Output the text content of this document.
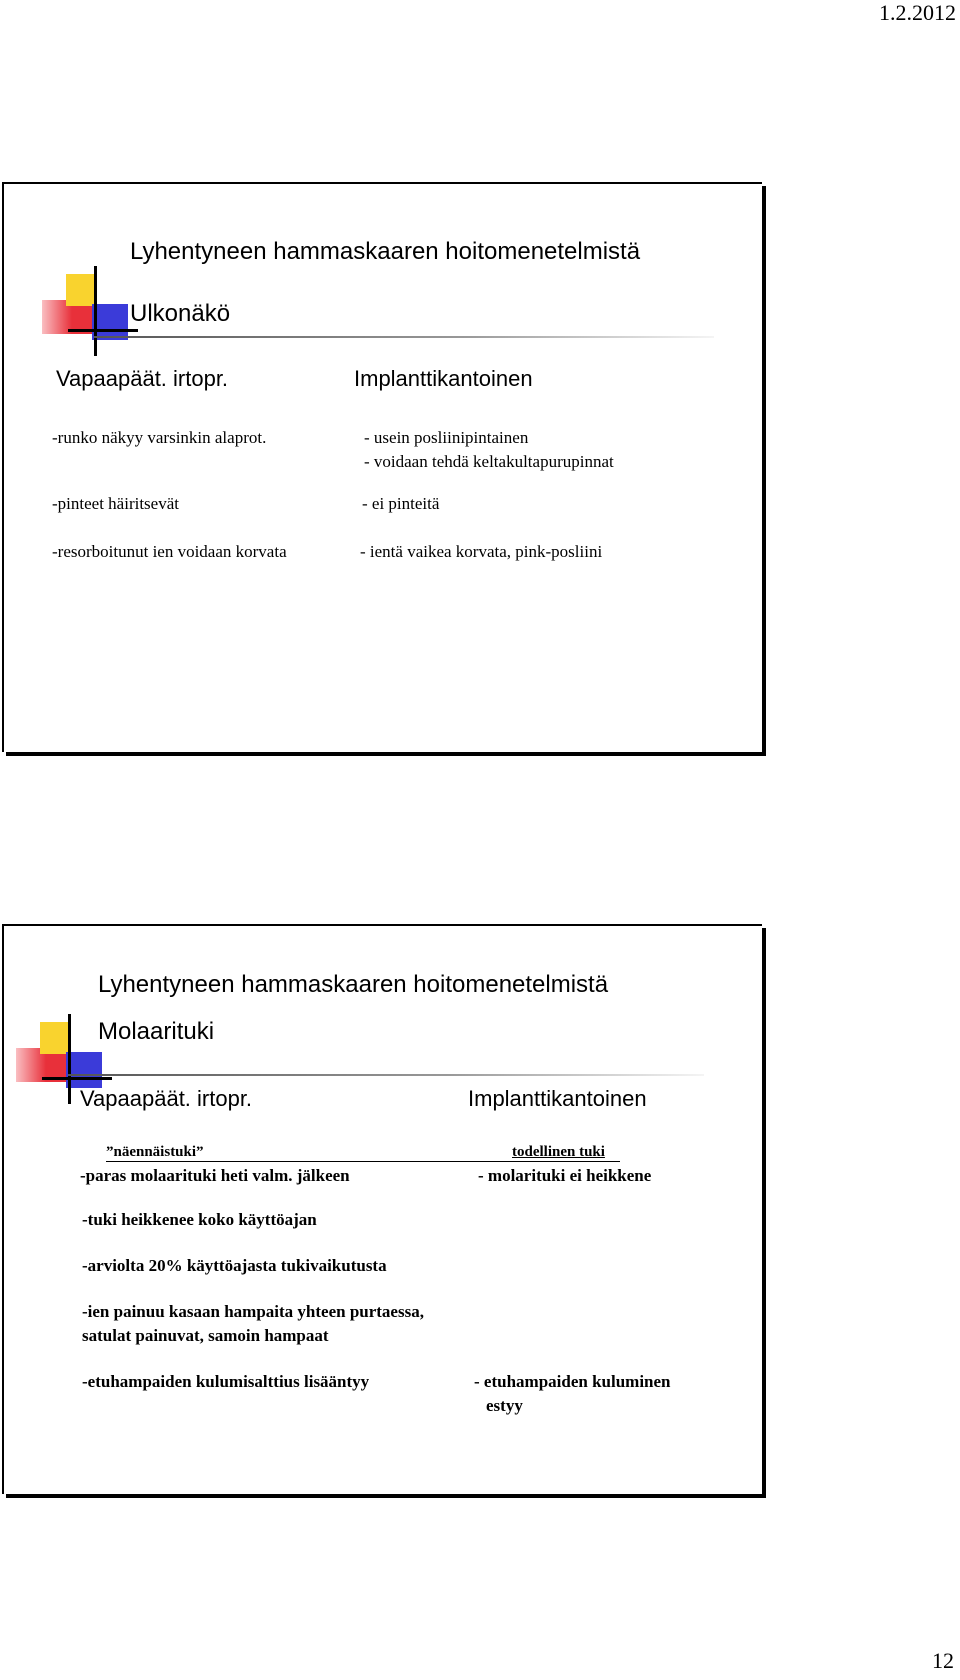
1.2.2012
Lyhentyneen hammaskaaren hoitomenetelmistä
Ulkonäkö
Vapaapäät. irtopr.	Implanttikantoinen
-runko näkyy varsinkin alaprot.	- usein posliinipintainen
- voidaan tehdä keltakultapurupinnat
-pinteet häiritsevät	- ei pinteitä
-resorboitunut ien voidaan korvata	- ientä vaikea korvata, pink-posliini
Lyhentyneen hammaskaaren hoitomenetelmistä
Molaarituki
Vapaapäät. irtopr.	Implanttikantoinen
”näennäistuki”	todellinen tuki
-paras molaarituki heti valm. jälkeen	- molarituki ei heikkene
-tuki heikkenee koko käyttöajan
-arviolta 20% käyttöajasta tukivaikutusta
-ien painuu kasaan hampaita yhteen purtaessa,
satulat painuvat, samoin hampaat
-etuhampaiden kulumisalttius lisääntyy	- etuhampaiden kuluminen
estyy
12
